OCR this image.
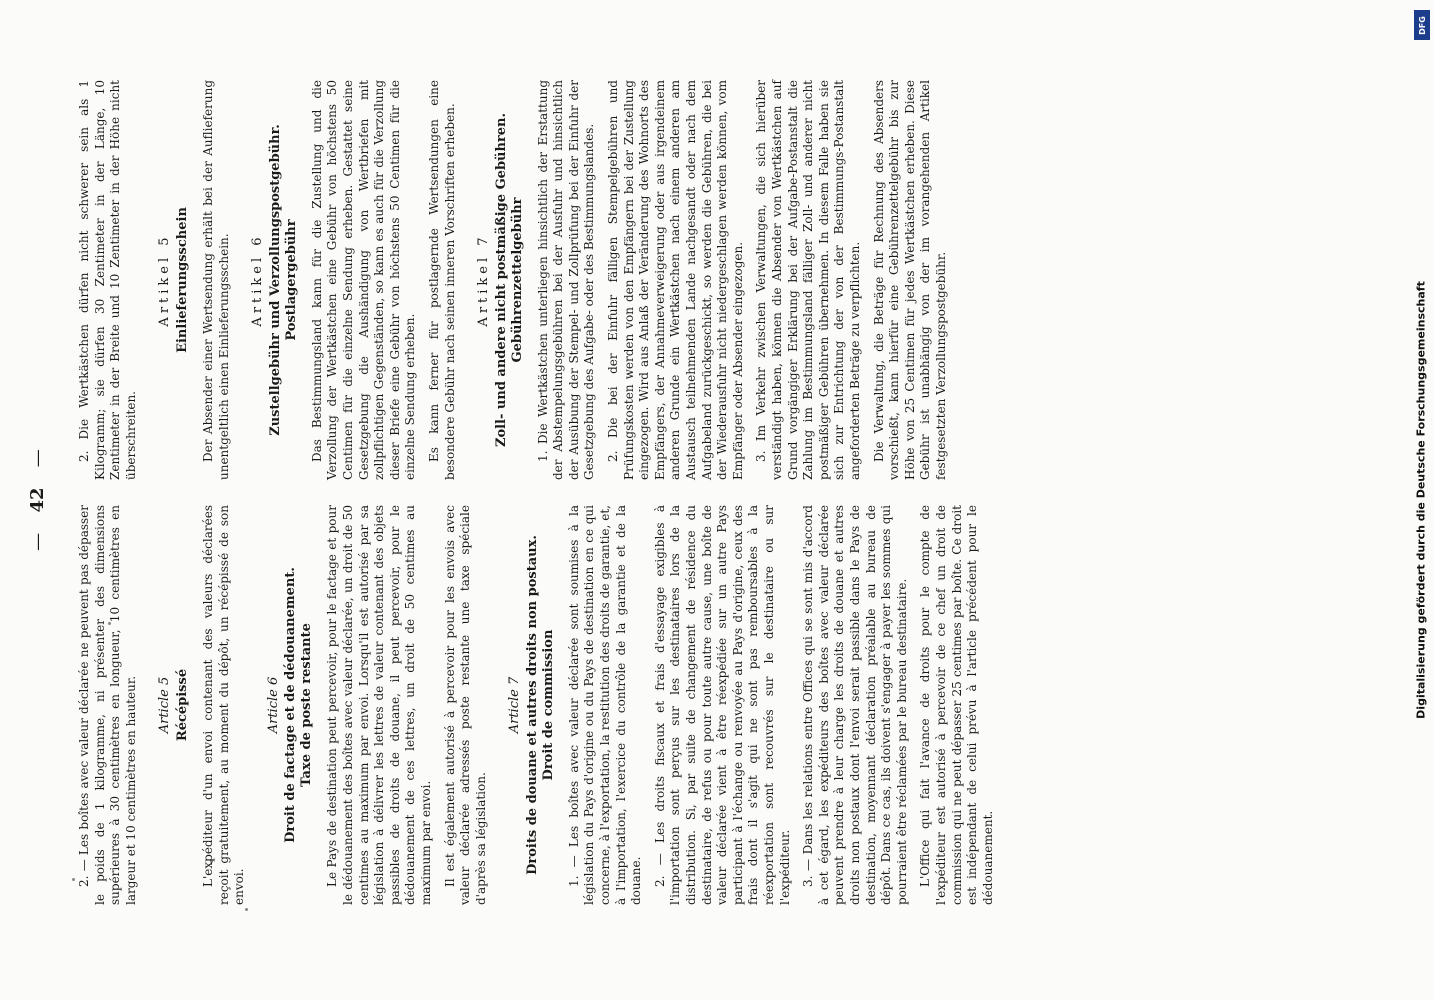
— 42 —

2. — Les boîtes avec valeur déclarée ne peuvent pas dépasser le poids de 1 kilogramme, ni présenter des dimensions supérieures à 30 centimètres en longueur, 10 centimètres en largeur et 10 centimètres en hauteur. Article 5 Récépissé L'expéditeur d'un envoi contenant des valeurs déclarées reçoit gratuitement, au moment du dépôt, un récépissé de son envoi.

Article 6 Droit de factage et de dédouanement. Taxe de poste restante Le Pays de destination peut percevoir, pour le factage et pour le dédouanement des boîtes avec valeur déclarée, un droit de 50 centimes au maximum par envoi. Lorsqu'il est autorisé par sa législation à délivrer les lettres de valeur contenant des objets passibles de droits de douane, il peut percevoir, pour le dédouanement de ces lettres, un droit de 50 centimes au maximum par envoi. Il est également autorisé à percevoir pour les envois avec valeur déclarée adressés poste restante une taxe spéciale d'après sa législation.

Article 7 Droits de douane et autres droits non postaux. Droit de commission 1. — Les boîtes avec valeur déclarée sont soumises à la législation du Pays d'origine ou du Pays de destination en ce qui concerne, à l'exportation, la restitution des droits de garantie, et, à l'importation, l'exercice du contrôle de la garantie et de la douane. 2. — Les droits fiscaux et frais d'essayage exigibles à l'importation sont perçus sur les destinataires lors de la distribution. Si, par suite de changement de résidence du destinataire, de refus ou pour toute autre cause, une boîte de valeur déclarée vient à être réexpédiée sur un autre Pays participant à l'échange ou renvoyée au Pays d'origine, ceux des frais dont il s'agit qui ne sont pas remboursables à la réexportation sont recouvrés sur le destinataire ou sur l'expéditeur. 3. — Dans les relations entre Offices qui se sont mis d'accord à cet égard, les expéditeurs des boîtes avec valeur déclarée peuvent prendre à leur charge les droits de douane et autres droits non postaux dont l'envoi serait passible dans le Pays de destination, moyennant déclaration préalable au bureau de dépôt. Dans ce cas, ils doivent s'engager à payer les sommes qui pourraient être réclamées par le bureau destinataire. L'Office qui fait l'avance de droits pour le compte de l'expéditeur est autorisé à percevoir de ce chef un droit de commission qui ne peut dépasser 25 centimes par boîte. Ce droit est indépendant de celui prévu à l'article précédent pour le dédouanement.

2. Die Wertkästchen dürfen nicht schwerer sein als 1 Kilogramm; sie dürfen 30 Zentimeter in der Länge, 10 Zentimeter in der Breite und 10 Zentimeter in der Höhe nicht überschreiten.

Artikel 5 Einlieferungsschein Der Absender einer Wertsendung erhält bei der Auflieferung unentgeltlich einen Einlieferungsschein. Artikel 6 Zustellgebühr und Verzollungspostgebühr. Postlagergebühr Das Bestimmungsland kann für die Zustellung und die Verzollung der Wertkästchen eine Gebühr von höchstens 50 Centimen für die einzelne Sendung erheben. Gestattet seine Gesetzgebung die Aushändigung von Wertbriefen mit zollpflichtigen Gegenständen, so kann es auch für die Verzollung dieser Briefe eine Gebühr von höchstens 50 Centimen für die einzelne Sendung erheben. Es kann ferner für postlagernde Wertsendungen eine besondere Gebühr nach seinen inneren Vorschriften erheben. Artikel 7 Zoll- und andere nicht postmäßige Gebühren. Gebührenzettelgebühr 1. Die Wertkästchen unterliegen hinsichtlich der Erstattung der Abstempelungsgebühren bei der Ausfuhr und hinsichtlich der Ausübung der Stempel- und Zollprüfung bei der Einfuhr der Gesetzgebung des Aufgabe- oder des Bestimmungslandes. 2. Die bei der Einfuhr fälligen Stempelgebühren und Prüfungskosten werden von den Empfängern bei der Zustellung eingezogen. Wird aus Anlaß der Veränderung des Wohnorts des Empfängers, der Annahmeverweigerung oder aus irgendeinem anderen Grunde ein Wertkästchen nach einem anderen am Austausch teilnehmenden Lande nachgesandt oder nach dem Aufgabeland zurückgeschickt, so werden die Gebühren, die bei der Wiederausfuhr nicht niedergeschlagen werden können, vom Empfänger oder Absender eingezogen. 3. Im Verkehr zwischen Verwaltungen, die sich hierüber verständigt haben, können die Absender von Wertkästchen auf Grund vorgängiger Erklärung bei der Aufgabe-Postanstalt die Zahlung im Bestimmungsland fälliger Zoll- und anderer nicht postmäßiger Gebühren übernehmen. In diesem Falle haben sie sich zur Entrichtung der von der Bestimmungs-Postanstalt angeforderten Beträge zu verpflichten. Die Verwaltung, die Beträge für Rechnung des Absenders vorschießt, kann hierfür eine Gebührenzettelgebühr bis zur Höhe von 25 Centimen für jedes Wertkästchen erheben. Diese Gebühr ist unabhängig von der im vorangehenden Artikel festgesetzten Verzollungspostgebühr.

DFG
Digitalisierung gefördert durch die Deutsche Forschungsgemeinschaft
